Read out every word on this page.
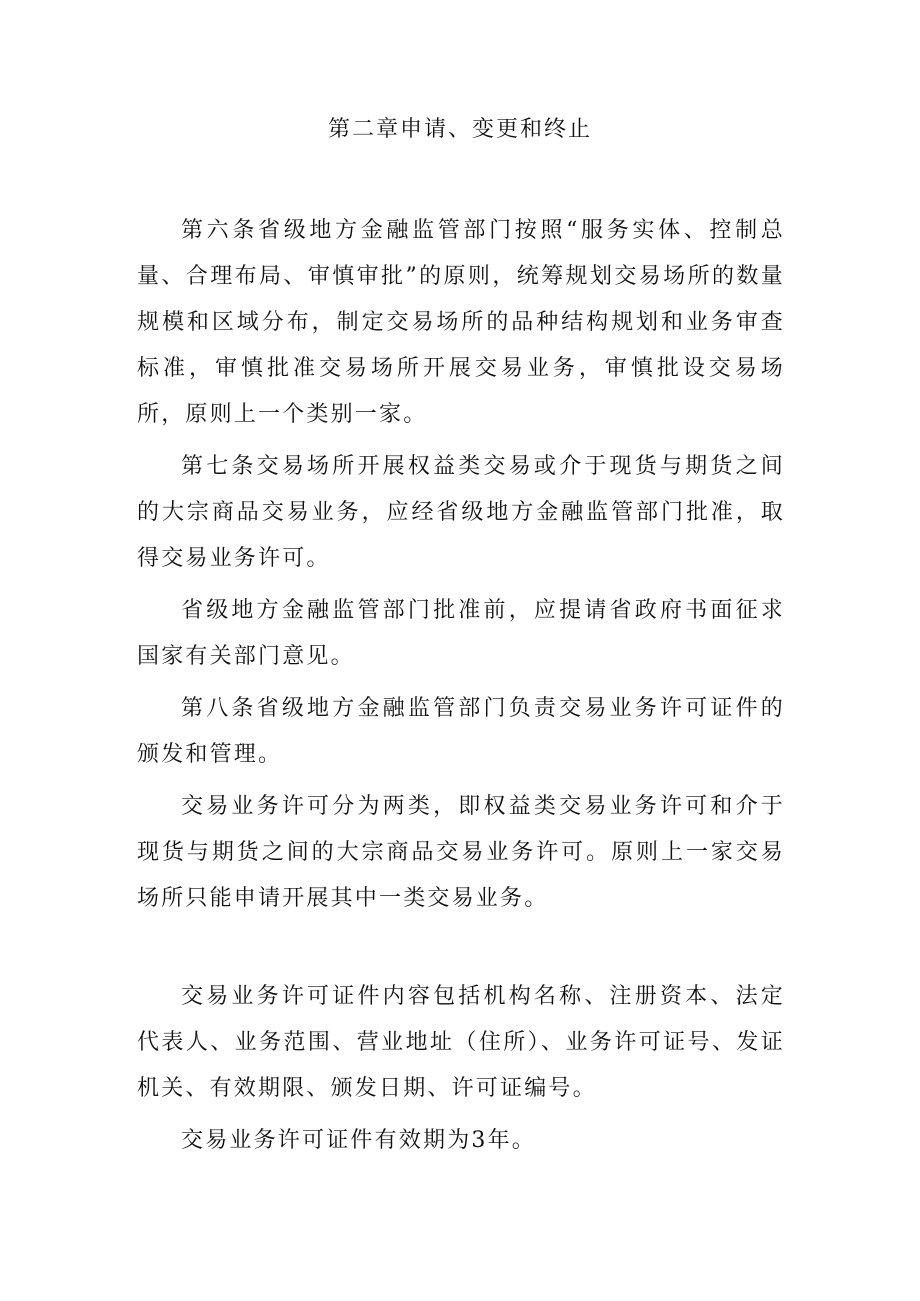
第二章申请、变更和终止

第六条省级地方金融监管部门按照“服务实体、控制总量、合理布局、审慎审批”的原则，统筹规划交易场所的数量规模和区域分布，制定交易场所的品种结构规划和业务审查标准，审慎批准交易场所开展交易业务，审慎批设交易场所，原则上一个类别一家。

第七条交易场所开展权益类交易或介于现货与期货之间的大宗商品交易业务，应经省级地方金融监管部门批准，取得交易业务许可。

省级地方金融监管部门批准前，应提请省政府书面征求国家有关部门意见。

第八条省级地方金融监管部门负责交易业务许可证件的颁发和管理。

交易业务许可分为两类，即权益类交易业务许可和介于现货与期货之间的大宗商品交易业务许可。原则上一家交易场所只能申请开展其中一类交易业务。

交易业务许可证件内容包括机构名称、注册资本、法定代表人、业务范围、营业地址（住所）、业务许可证号、发证机关、有效期限、颁发日期、许可证编号。

交易业务许可证件有效期为3年。
